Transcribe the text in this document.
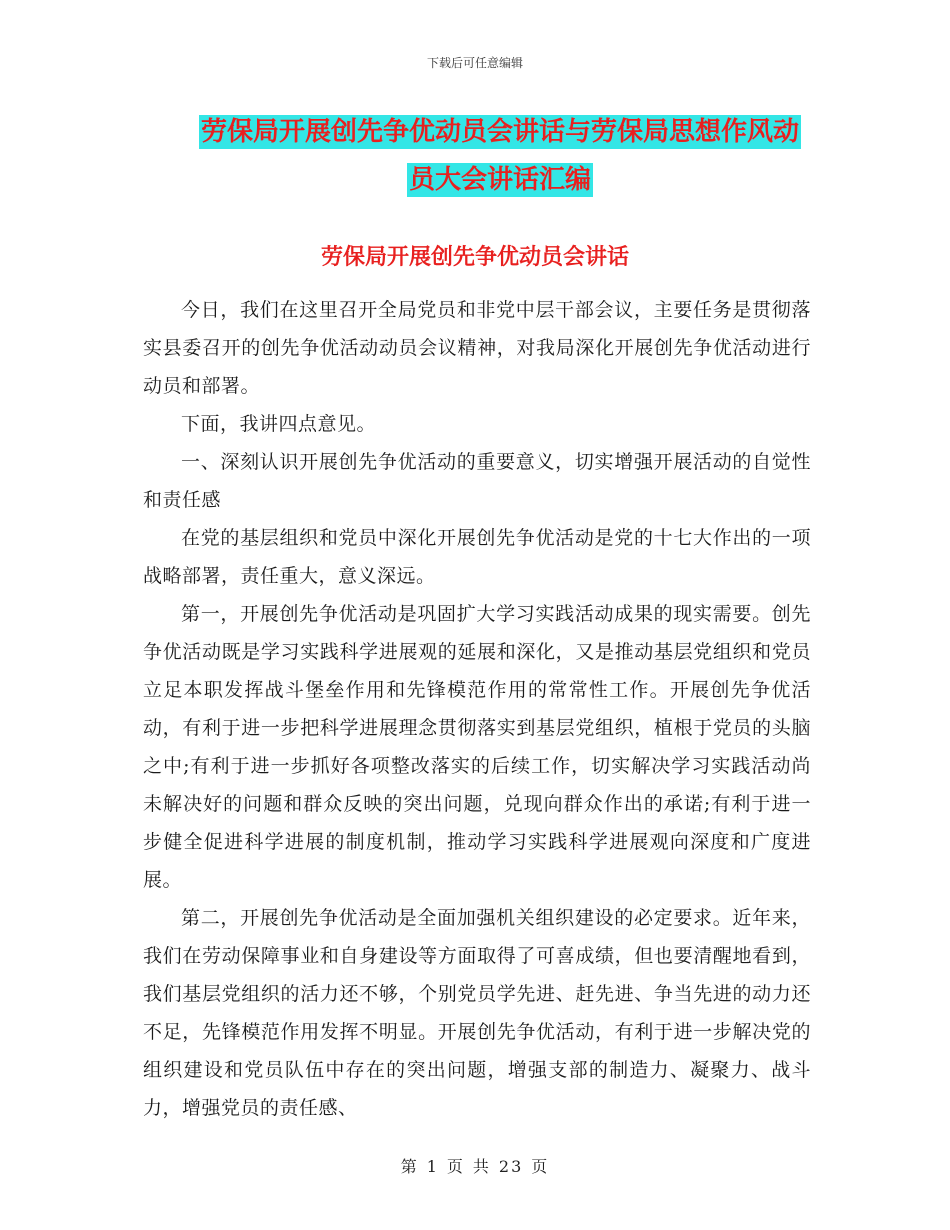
下载后可任意编辑
劳保局开展创先争优动员会讲话与劳保局思想作风动
员大会讲话汇编
劳保局开展创先争优动员会讲话

今日，我们在这里召开全局党员和非党中层干部会议，主要任务是贯彻落实县委召开的创先争优活动动员会议精神，对我局深化开展创先争优活动进行动员和部署。

下面，我讲四点意见。

一、深刻认识开展创先争优活动的重要意义，切实增强开展活动的自觉性和责任感

在党的基层组织和党员中深化开展创先争优活动是党的十七大作出的一项战略部署，责任重大，意义深远。

第一，开展创先争优活动是巩固扩大学习实践活动成果的现实需要。创先争优活动既是学习实践科学进展观的延展和深化，又是推动基层党组织和党员立足本职发挥战斗堡垒作用和先锋模范作用的常常性工作。开展创先争优活动，有利于进一步把科学进展理念贯彻落实到基层党组织，植根于党员的头脑之中;有利于进一步抓好各项整改落实的后续工作，切实解决学习实践活动尚未解决好的问题和群众反映的突出问题，兑现向群众作出的承诺;有利于进一步健全促进科学进展的制度机制，推动学习实践科学进展观向深度和广度进展。

第二，开展创先争优活动是全面加强机关组织建设的必定要求。近年来，我们在劳动保障事业和自身建设等方面取得了可喜成绩，但也要清醒地看到，我们基层党组织的活力还不够，个别党员学先进、赶先进、争当先进的动力还不足，先锋模范作用发挥不明显。开展创先争优活动，有利于进一步解决党的组织建设和党员队伍中存在的突出问题，增强支部的制造力、凝聚力、战斗力，增强党员的责任感、

第 1 页 共 23 页
